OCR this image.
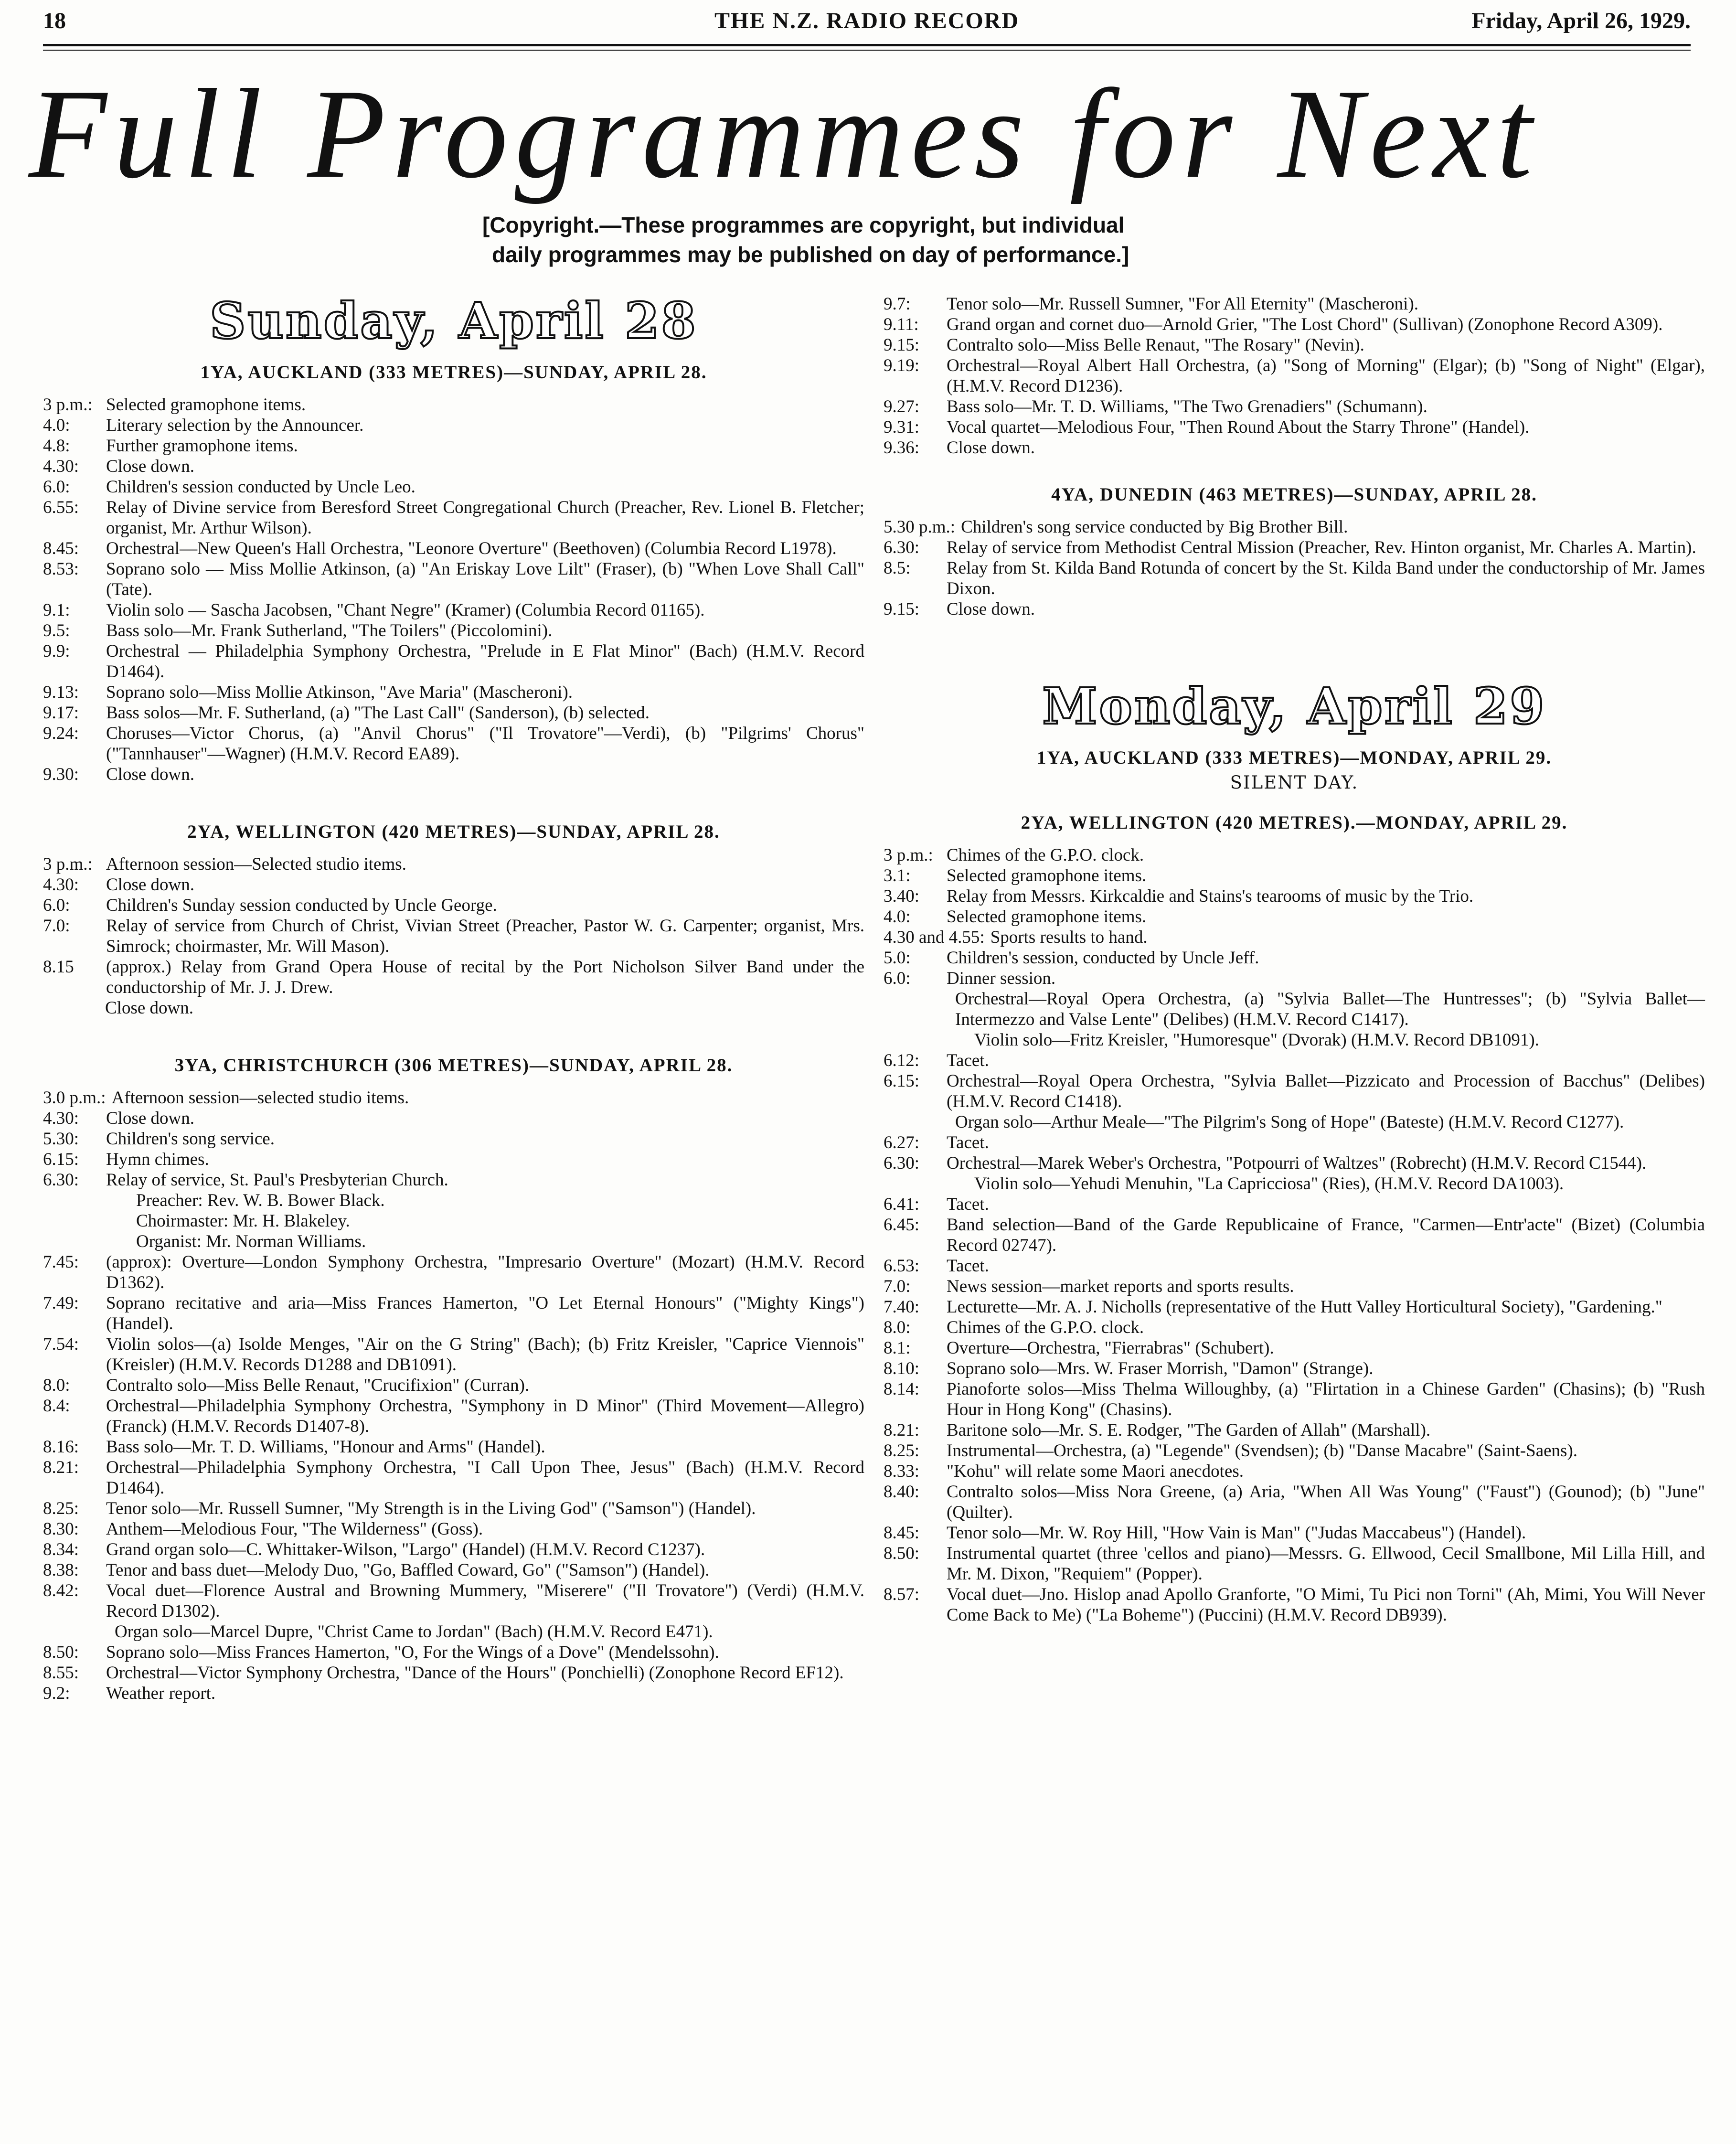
18	THE N.Z. RADIO RECORD	Friday, April 26, 1929.
Full Programmes for Next
[Copyright.—These programmes are copyright, but individual
daily programmes may be published on day of performance.]
Sunday, April 28
1YA, AUCKLAND (333 METRES)—SUNDAY, APRIL 28.
3 p.m.: Selected gramophone items.
4.0:	Literary selection by the Announcer.
4.8:	Further gramophone items.
4.30:	Close down.
6.0:	Children's session conducted by Uncle Leo.
6.55:	Relay of Divine service from Beresford Street Congregational Church (Preacher, Rev. Lionel B. Fletcher; organist, Mr. Arthur Wilson).
8.45:	Orchestral—New Queen's Hall Orchestra, "Leonore Overture" (Beethoven) (Columbia Record L1978).
8.53:	Soprano solo — Miss Mollie Atkinson, (a) "An Eriskay Love Lilt" (Fraser), (b) "When Love Shall Call" (Tate).
9.1:	Violin solo — Sascha Jacobsen, "Chant Negre" (Kramer) (Columbia Record 01165).
9.5:	Bass solo—Mr. Frank Sutherland, "The Toilers" (Piccolomini).
9.9:	Orchestral — Philadelphia Symphony Orchestra, "Prelude in E Flat Minor" (Bach) (H.M.V. Record D1464).
9.13:	Soprano solo—Miss Mollie Atkinson, "Ave Maria" (Mascheroni).
9.17:	Bass solos—Mr. F. Sutherland, (a) "The Last Call" (Sanderson), (b) selected.
9.24:	Choruses—Victor Chorus, (a) "Anvil Chorus" ("Il Trovatore"—Verdi), (b) "Pilgrims' Chorus" ("Tannhauser"—Wagner) (H.M.V. Record EA89).
9.30:	Close down.
2YA, WELLINGTON (420 METRES)—SUNDAY, APRIL 28.
3 p.m.: Afternoon session—Selected studio items.
4.30:	Close down.
6.0:	Children's Sunday session conducted by Uncle George.
7.0:	Relay of service from Church of Christ, Vivian Street (Preacher, Pastor W. G. Carpenter; organist, Mrs. Simrock; choirmaster, Mr. Will Mason).
8.15	(approx.) Relay from Grand Opera House of recital by the Port Nicholson Silver Band under the conductorship of Mr. J. J. Drew.
Close down.
3YA, CHRISTCHURCH (306 METRES)—SUNDAY, APRIL 28.
3.0 p.m.: Afternoon session—selected studio items.
4.30:	Close down.
5.30:	Children's song service.
6.15:	Hymn chimes.
6.30:	Relay of service, St. Paul's Presbyterian Church.
Preacher: Rev. W. B. Bower Black.
Choirmaster: Mr. H. Blakeley.
Organist: Mr. Norman Williams.
7.45:	(approx): Overture—London Symphony Orchestra, "Impresario Overture" (Mozart) (H.M.V. Record D1362).
7.49:	Soprano recitative and aria—Miss Frances Hamerton, "O Let Eternal Honours" ("Mighty Kings") (Handel).
7.54:	Violin solos—(a) Isolde Menges, "Air on the G String" (Bach); (b) Fritz Kreisler, "Caprice Viennois" (Kreisler) (H.M.V. Records D1288 and DB1091).
8.0:	Contralto solo—Miss Belle Renaut, "Crucifixion" (Curran).
8.4:	Orchestral—Philadelphia Symphony Orchestra, "Symphony in D Minor" (Third Movement—Allegro) (Franck) (H.M.V. Records D1407-8).
8.16:	Bass solo—Mr. T. D. Williams, "Honour and Arms" (Handel).
8.21:	Orchestral—Philadelphia Symphony Orchestra, "I Call Upon Thee, Jesus" (Bach) (H.M.V. Record D1464).
8.25:	Tenor solo—Mr. Russell Sumner, "My Strength is in the Living God" ("Samson") (Handel).
8.30:	Anthem—Melodious Four, "The Wilderness" (Goss).
8.34:	Grand organ solo—C. Whittaker-Wilson, "Largo" (Handel) (H.M.V. Record C1237).
8.38:	Tenor and bass duet—Melody Duo, "Go, Baffled Coward, Go" ("Samson") (Handel).
8.42:	Vocal duet—Florence Austral and Browning Mummery, "Miserere" ("Il Trovatore") (Verdi) (H.M.V. Record D1302).
Organ solo—Marcel Dupre, "Christ Came to Jordan" (Bach) (H.M.V. Record E471).
8.50:	Soprano solo—Miss Frances Hamerton, "O, For the Wings of a Dove" (Mendelssohn).
8.55:	Orchestral—Victor Symphony Orchestra, "Dance of the Hours" (Ponchielli) (Zonophone Record EF12).
9.2:	Weather report.
9.7:	Tenor solo—Mr. Russell Sumner, "For All Eternity" (Mascheroni).
9.11:	Grand organ and cornet duo—Arnold Grier, "The Lost Chord" (Sullivan) (Zonophone Record A309).
9.15:	Contralto solo—Miss Belle Renaut, "The Rosary" (Nevin).
9.19:	Orchestral—Royal Albert Hall Orchestra, (a) "Song of Morning" (Elgar); (b) "Song of Night" (Elgar), (H.M.V. Record D1236).
9.27:	Bass solo—Mr. T. D. Williams, "The Two Grenadiers" (Schumann).
9.31:	Vocal quartet—Melodious Four, "Then Round About the Starry Throne" (Handel).
9.36:	Close down.
4YA, DUNEDIN (463 METRES)—SUNDAY, APRIL 28.
5.30 p.m.: Children's song service conducted by Big Brother Bill.
6.30:	Relay of service from Methodist Central Mission (Preacher, Rev. Hinton organist, Mr. Charles A. Martin).
8.5:	Relay from St. Kilda Band Rotunda of concert by the St. Kilda Band under the conductorship of Mr. James Dixon.
9.15:	Close down.
Monday, April 29
1YA, AUCKLAND (333 METRES)—MONDAY, APRIL 29.
SILENT DAY.
2YA, WELLINGTON (420 METRES).—MONDAY, APRIL 29.
3 p.m.: Chimes of the G.P.O. clock.
3.1:	Selected gramophone items.
3.40:	Relay from Messrs. Kirkcaldie and Stains's tearooms of music by the Trio.
4.0:	Selected gramophone items.
4.30 and 4.55: Sports results to hand.
5.0:	Children's session, conducted by Uncle Jeff.
6.0:	Dinner session.
Orchestral—Royal Opera Orchestra, (a) "Sylvia Ballet—The Huntresses"; (b) "Sylvia Ballet—Intermezzo and Valse Lente" (Delibes) (H.M.V. Record C1417).
Violin solo—Fritz Kreisler, "Humoresque" (Dvorak) (H.M.V. Record DB1091).
6.12:	Tacet.
6.15:	Orchestral—Royal Opera Orchestra, "Sylvia Ballet—Pizzicato and Procession of Bacchus" (Delibes) (H.M.V. Record C1418).
Organ solo—Arthur Meale—"The Pilgrim's Song of Hope" (Bateste) (H.M.V. Record C1277).
6.27:	Tacet.
6.30:	Orchestral—Marek Weber's Orchestra, "Potpourri of Waltzes" (Robrecht) (H.M.V. Record C1544).
Violin solo—Yehudi Menuhin, "La Capricciosa" (Ries), (H.M.V. Record DA1003).
6.41:	Tacet.
6.45:	Band selection—Band of the Garde Republicaine of France, "Carmen—Entr'acte" (Bizet) (Columbia Record 02747).
6.53:	Tacet.
7.0:	News session—market reports and sports results.
7.40:	Lecturette—Mr. A. J. Nicholls (representative of the Hutt Valley Horticultural Society), "Gardening."
8.0:	Chimes of the G.P.O. clock.
8.1:	Overture—Orchestra, "Fierrabras" (Schubert).
8.10:	Soprano solo—Mrs. W. Fraser Morrish, "Damon" (Strange).
8.14:	Pianoforte solos—Miss Thelma Willoughby, (a) "Flirtation in a Chinese Garden" (Chasins); (b) "Rush Hour in Hong Kong" (Chasins).
8.21:	Baritone solo—Mr. S. E. Rodger, "The Garden of Allah" (Marshall).
8.25:	Instrumental—Orchestra, (a) "Legende" (Svendsen); (b) "Danse Macabre" (Saint-Saens).
8.33:	"Kohu" will relate some Maori anecdotes.
8.40:	Contralto solos—Miss Nora Greene, (a) Aria, "When All Was Young" ("Faust") (Gounod); (b) "June" (Quilter).
8.45:	Tenor solo—Mr. W. Roy Hill, "How Vain is Man" ("Judas Maccabeus") (Handel).
8.50:	Instrumental quartet (three 'cellos and piano)—Messrs. G. Ellwood, Cecil Smallbone, Mil Lilla Hill, and Mr. M. Dixon, "Requiem" (Popper).
8.57:	Vocal duet—Jno. Hislop anad Apollo Granforte, "O Mimi, Tu Pici non Torni" (Ah, Mimi, You Will Never Come Back to Me) ("La Boheme") (Puccini) (H.M.V. Record DB939).
